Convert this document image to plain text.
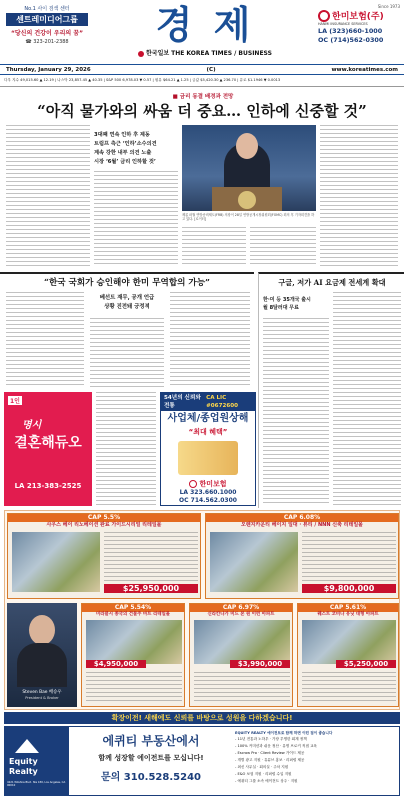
No.1 사이 검색 센터
센트레미디어그룹
“당신의 건강이 우리의 꿈”
☎ 323-201-2388	경 제
한국일보 THE KOREA TIMES / BUSINESS
Since 1973
한미보험(주)
HANMI INSURANCE SERVICES
LA (323)660-1000
OC (714)562-0300
Thursday, January 29, 2026	(C)	www.koreatimes.com
다우 지수 49,015.60 ▲ 12.19 | 나스닥 23,857.45 ▲ 40.35 | S&P 500 6,978.03 ▼ 0.57 | 원유 $64.21 ▲ 1.25 | 금값 $5,420.30 ▲ 236.70 | 유로 $1.1946 ▼ 0.0013
■ 금리 동결 배경과 전망
“아직 물가와의 싸움 더 중요… 인하에 신중할 것”
3대째 연속 인하 후 제동
트럼프 측근 ‘인하’소수의견
계속 강한 내부 의견 노출
시장 ‘6월’ 금리 인하할 것’
제롬 파월 연방준비제도(FRB) 의장이 28일 연방공개시장위원회(FOMC) 회의 후 기자회견을 하고 있다. [로이터]
“한국 국회가 승인해야 한미 무역합의 가능”
베선트 재무, 공개 언급
상황 진전돼 긍정적
구글, 저가 AI 요금제 전세계 확대
한·미 등 35개국 출시
월 8달러대 무료
1인
명시
결혼해듀오
LA 213-383-2525
54년의 신뢰와 전통
CA LIC #0672600
사업체/종업원상해
“최대 혜택”
한미보험
LA 323.660.1000
OC 714.562.0300
CAP 5.5%
사우스 베이 리노베이션 완료 가이드시리얼 리테일몰
$25,950,000
CAP 6.08%
오렌지카운티 베이지 일대 · 뷰티 / NNN 신축 리테일몰
$9,800,000
Steven Bae 배승우
President & Broker
CAP 5.54%
미라클시 종국의 건물주 마트 리테일몰
$4,950,000
CAP 6.97%
신라칸나가 미드 본 원 이런 아파트
$3,990,000
CAP 5.61%
웨스트 코비나 유닛 대형 아파트
$5,250,000
확장이전! 새해에도 신뢰를 바탕으로 성원을 다하겠습니다!
Equity Realty
4221 Wilshire Blvd. Ste 430, Los Angeles, CA 90010
에퀴티 부동산에서
함께 성장할 에이전트를 모십니다!
문의 310.528.5240
EQUITY REALTY 에이전트로 함께 하면 이런 점이 좋습니다
- 11년 전통과 노하우 · 가장 투명한 회계 정책
- 100% 커미션과 쉬운 정산 · 유명 브로커 직접 교육
- Escrow Pro · Client Review 가이드 제공
- 개별 광고 지원 · 유튜브 홍보 · 리퍼럴 제공
- 최신 사무실 · 회의실 · 주차 지원
- E&O 보험 지원 · 리퍼럴 수입 지원
- 에퀴티 그룹 소속 에이전트 상주 · 지원
